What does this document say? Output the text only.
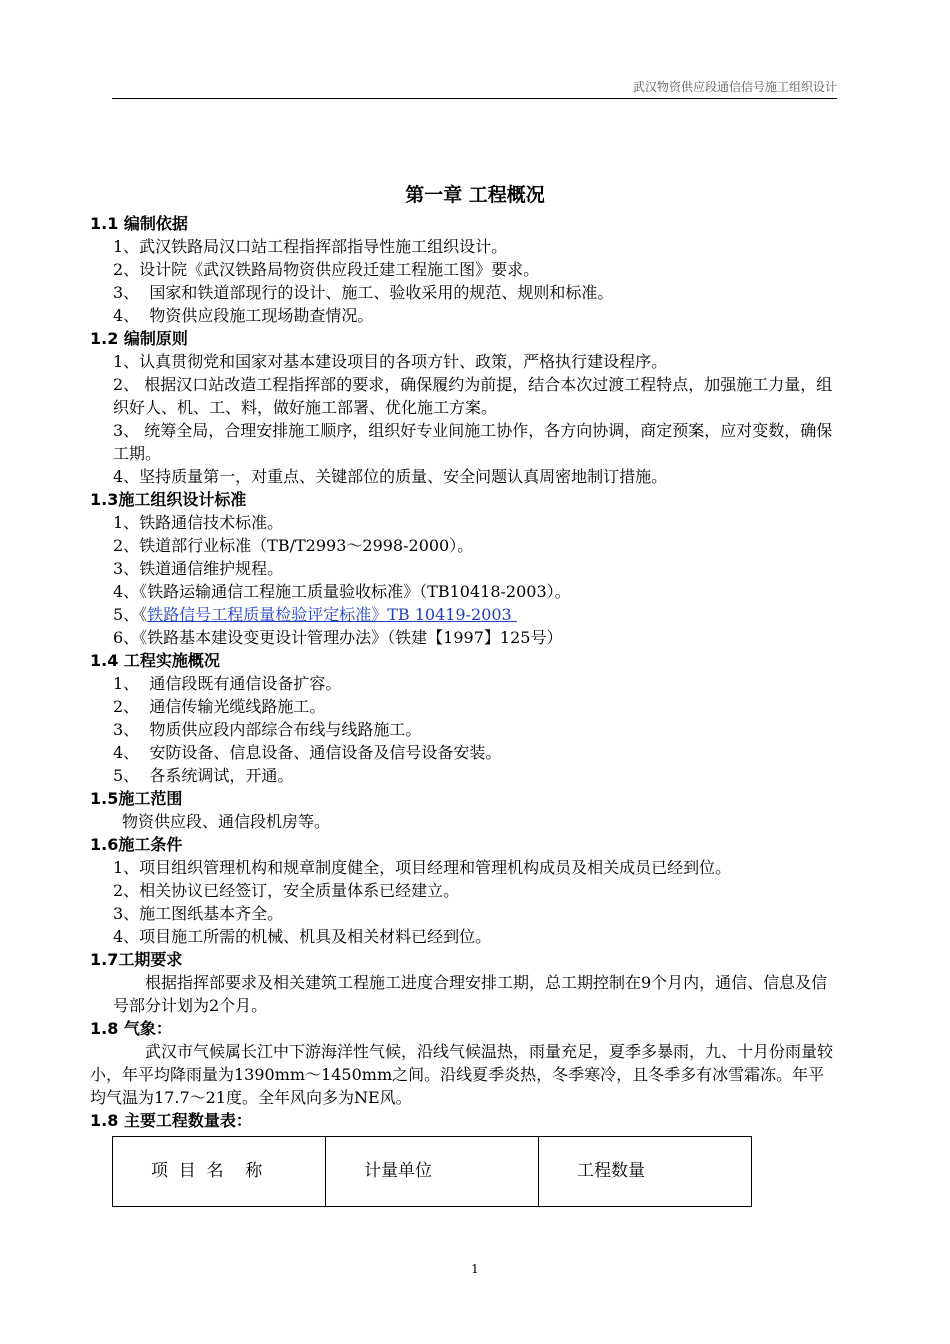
武汉物资供应段通信信号施工组织设计
第一章 工程概况
1.1 编制依据
1、武汉铁路局汉口站工程指挥部指导性施工组织设计。
2、设计院《武汉铁路局物资供应段迁建工程施工图》要求。
3、  国家和铁道部现行的设计、施工、验收采用的规范、规则和标准。
4、  物资供应段施工现场勘查情况。
1.2 编制原则
1、认真贯彻党和国家对基本建设项目的各项方针、政策，严格执行建设程序。
2、 根据汉口站改造工程指挥部的要求，确保履约为前提，结合本次过渡工程特点，加强施工力量，组织好人、机、工、料，做好施工部署、优化施工方案。
3、 统筹全局，合理安排施工顺序，组织好专业间施工协作，各方向协调，商定预案，应对变数，确保工期。
4、坚持质量第一，对重点、关键部位的质量、安全问题认真周密地制订措施。
1.3施工组织设计标准
1、铁路通信技术标准。
2、铁道部行业标准（TB/T2993～2998-2000）。
3、铁道通信维护规程。
4、《铁路运输通信工程施工质量验收标准》（TB10418-2003）。
5、《铁路信号工程质量检验评定标准》TB 10419-2003
6、《铁路基本建设变更设计管理办法》（铁建【1997】125号）
1.4 工程实施概况
1、  通信段既有通信设备扩容。
2、  通信传输光缆线路施工。
3、  物质供应段内部综合布线与线路施工。
4、  安防设备、信息设备、通信设备及信号设备安装。
5、  各系统调试，开通。
1.5施工范围
物资供应段、通信段机房等。
1.6施工条件
1、项目组织管理机构和规章制度健全，项目经理和管理机构成员及相关成员已经到位。
2、相关协议已经签订，安全质量体系已经建立。
3、施工图纸基本齐全。
4、项目施工所需的机械、机具及相关材料已经到位。
1.7工期要求
根据指挥部要求及相关建筑工程施工进度合理安排工期，总工期控制在9个月内，通信、信息及信号部分计划为2个月。
1.8 气象：
武汉市气候属长江中下游海洋性气候，沿线气候温热，雨量充足，夏季多暴雨，九、十月份雨量较小，年平均降雨量为1390mm～1450mm之间。沿线夏季炎热，冬季寒冷，且冬季多有冰雪霜冻。年平均气温为17.7～21度。全年风向多为NE风。
1.8 主要工程数量表：
项  目  名    称	计量单位	工程数量
1
